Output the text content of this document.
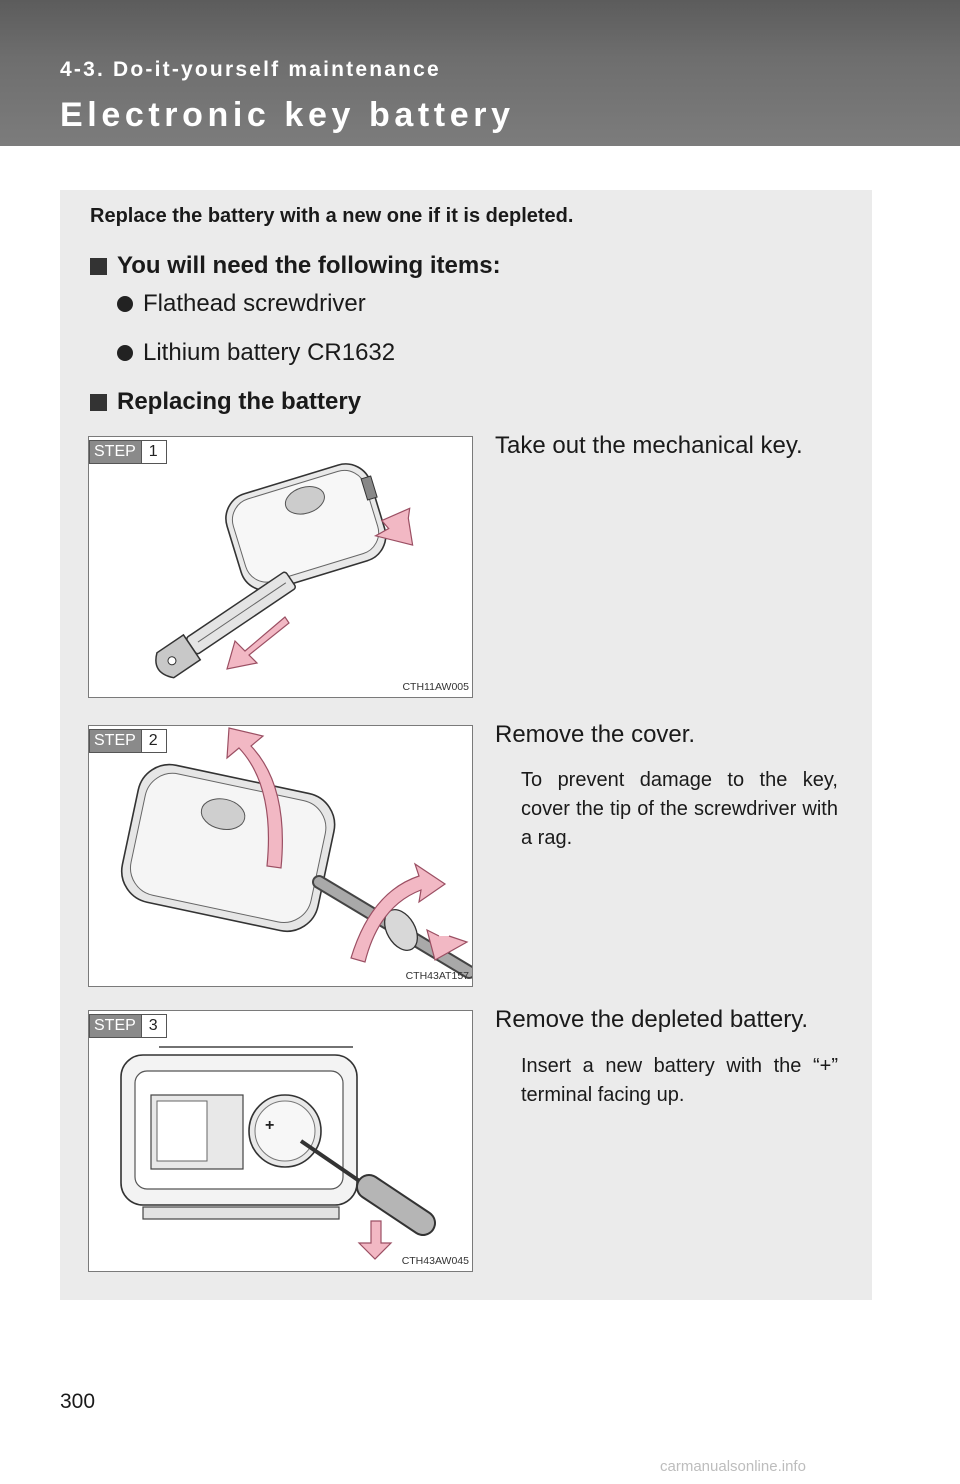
4-3. Do-it-yourself maintenance
Electronic key battery
Replace the battery with a new one if it is depleted.
You will need the following items:
Flathead screwdriver
Lithium battery CR1632
Replacing the battery
STEP 1
CTH11AW005
Take out the mechanical key.
STEP 2
CTH43AT157
Remove the cover.
To prevent damage to the key, cover the tip of the screwdriver with a rag.
+
STEP 3
CTH43AW045
Remove the depleted battery.
Insert a new battery with the “+” terminal facing up.
300
carmanualsonline.info
